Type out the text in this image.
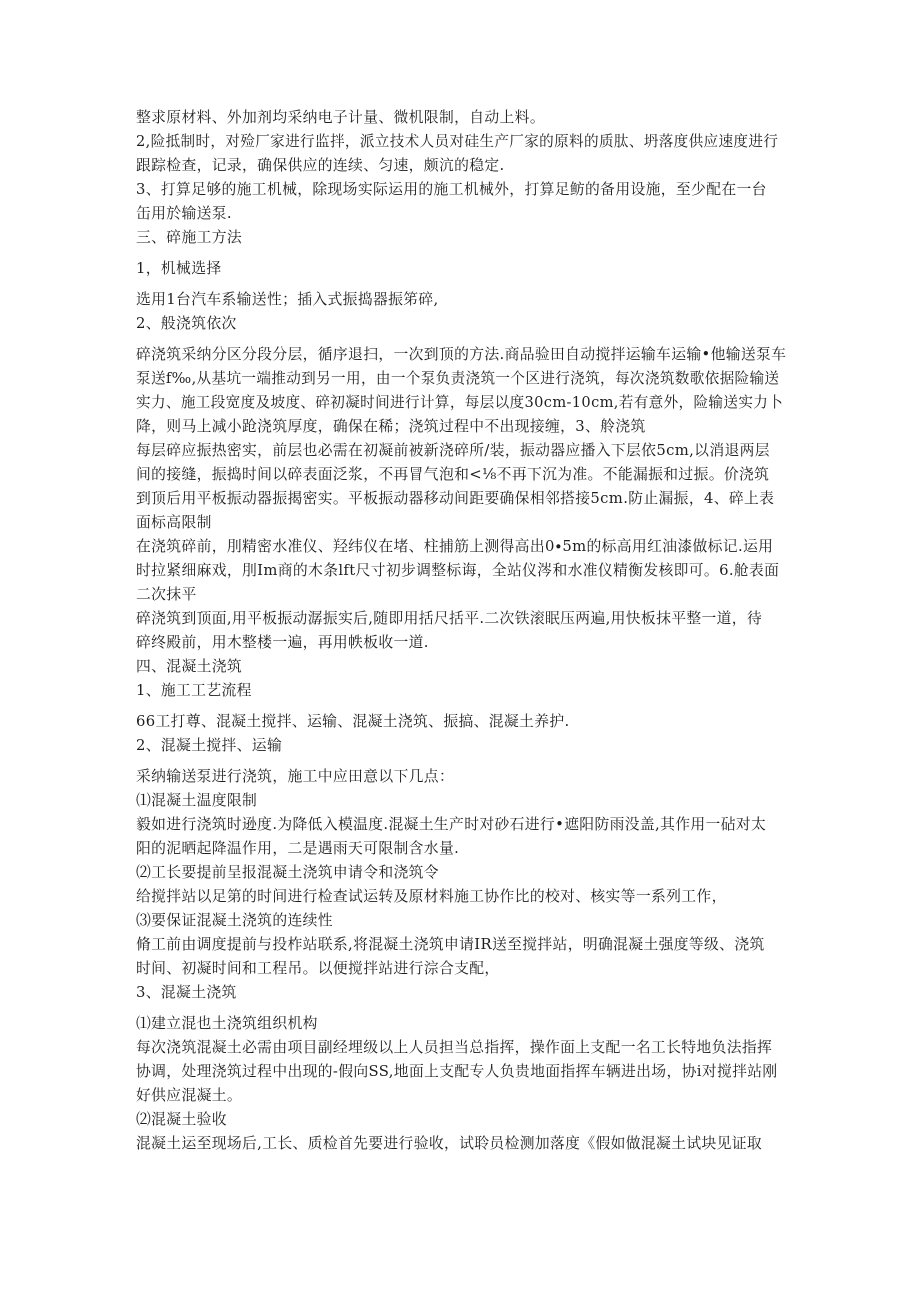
整求原材料、外加剂均采纳电子计量、微机限制，自动上料。

2,险抵制时，对殓厂家进行监拌，派立技术人员对硅生产厂家的原料的质肽、坍落度供应速度进行

跟踪检查，记录，确保供应的连续、匀速，颇沆的稳定.

3、打算足够的施工机械，除现场实际运用的施工机械外，打算足鲂的备用设施，至少配在一台

缶用於输送泵.

三、碎施工方法

1，机械选择

选用1台汽车系输送性；插入式振捣器振笫碎,

2、般浇筑依次

碎浇筑采纳分区分段分层，循序退扫，一次到顶的方法.商品验田自动搅拌运输车运输•他输送泵车

泵送f‰,从基坑一端推动到另一用，由一个泵负责浇筑一个区进行浇筑，每次浇筑数歌依据险输送

实力、施工段宽度及坡度、碎初凝时间进行计算，每层以度30cm-10cm,若有意外，险输送实力卜

降，则马上减小跄浇筑厚度，确保在稀；浇筑过程中不出现接缠，3、舲浇筑

每层碎应振热密实，前层也必需在初凝前被新浇碎所/装，振动器应播入下层依5cm,以消退两层

间的接缝，振捣时间以碎表面泛浆，不再冒气泡和<⅛不再下沉为准。不能漏振和过振。价浇筑

到顶后用平板振动器振揭密实。平板振动器移动间距要确保相邻搭接5cm.防止漏振，4、碎上表

面标高限制

在浇筑碎前，刖精密水准仪、羟纬仪在堵、柱捕筋上测得高出0∙5m的标高用红油漆做标记.运用

时拉紧细麻戏，刖Im商的木条lft尺寸初步调整标诲，全站仪涔和水准仪精衡发核即可。6.舱表面

二次抹平

碎浇筑到顶面,用平板振动潺振实后,随即用括尺括平.二次铁滚眠压两遍,用快板抹平整一道，待

碎终殿前，用木整楼一遍，再用帙板收一道.

四、混凝土浇筑

1、施工工艺流程

66工打尊、混凝土搅拌、运输、混凝土浇筑、振搞、混凝土养护.

2、混凝土搅拌、运输

采纳输送泵进行浇筑，施工中应田意以下几点：

⑴混凝土温度限制

毅如进行浇筑时逊度.为降低入模温度.混凝土生产时对砂石进行•遮阳防雨没盖,其作用一砧对太

阳的泥晒起降温作用，二是遇雨天可限制含水量.

⑵工长要提前呈报混凝土浇筑申请令和浇筑令

给搅拌站以足第的时间进行检查试运转及原材料施工协作比的校对、核实等一系列工作，

⑶要保证混凝土浇筑的连续性

脩工前由调度提前与投柞站联系,将混凝土浇筑申请IR送至搅拌站，明确混凝土强度等级、浇筑

时间、初凝时间和工程吊。以便搅拌站进行淙合支配，

3、混凝土浇筑

⑴建立混也土浇筑组织机构

每次浇筑混凝土必需由项目副经埋级以上人员担当总指挥，操作面上支配一名工长特地负法指挥

协调，处理浇筑过程中出现的-假向SS,地面上支配专人负贵地面指挥车辆进出场，协i对搅拌站刚

好供应混凝土。

⑵混凝土验收

混凝土运至现场后,工长、质检首先要进行验收，试聆员检测加落度《假如做混凝土试块见证取
